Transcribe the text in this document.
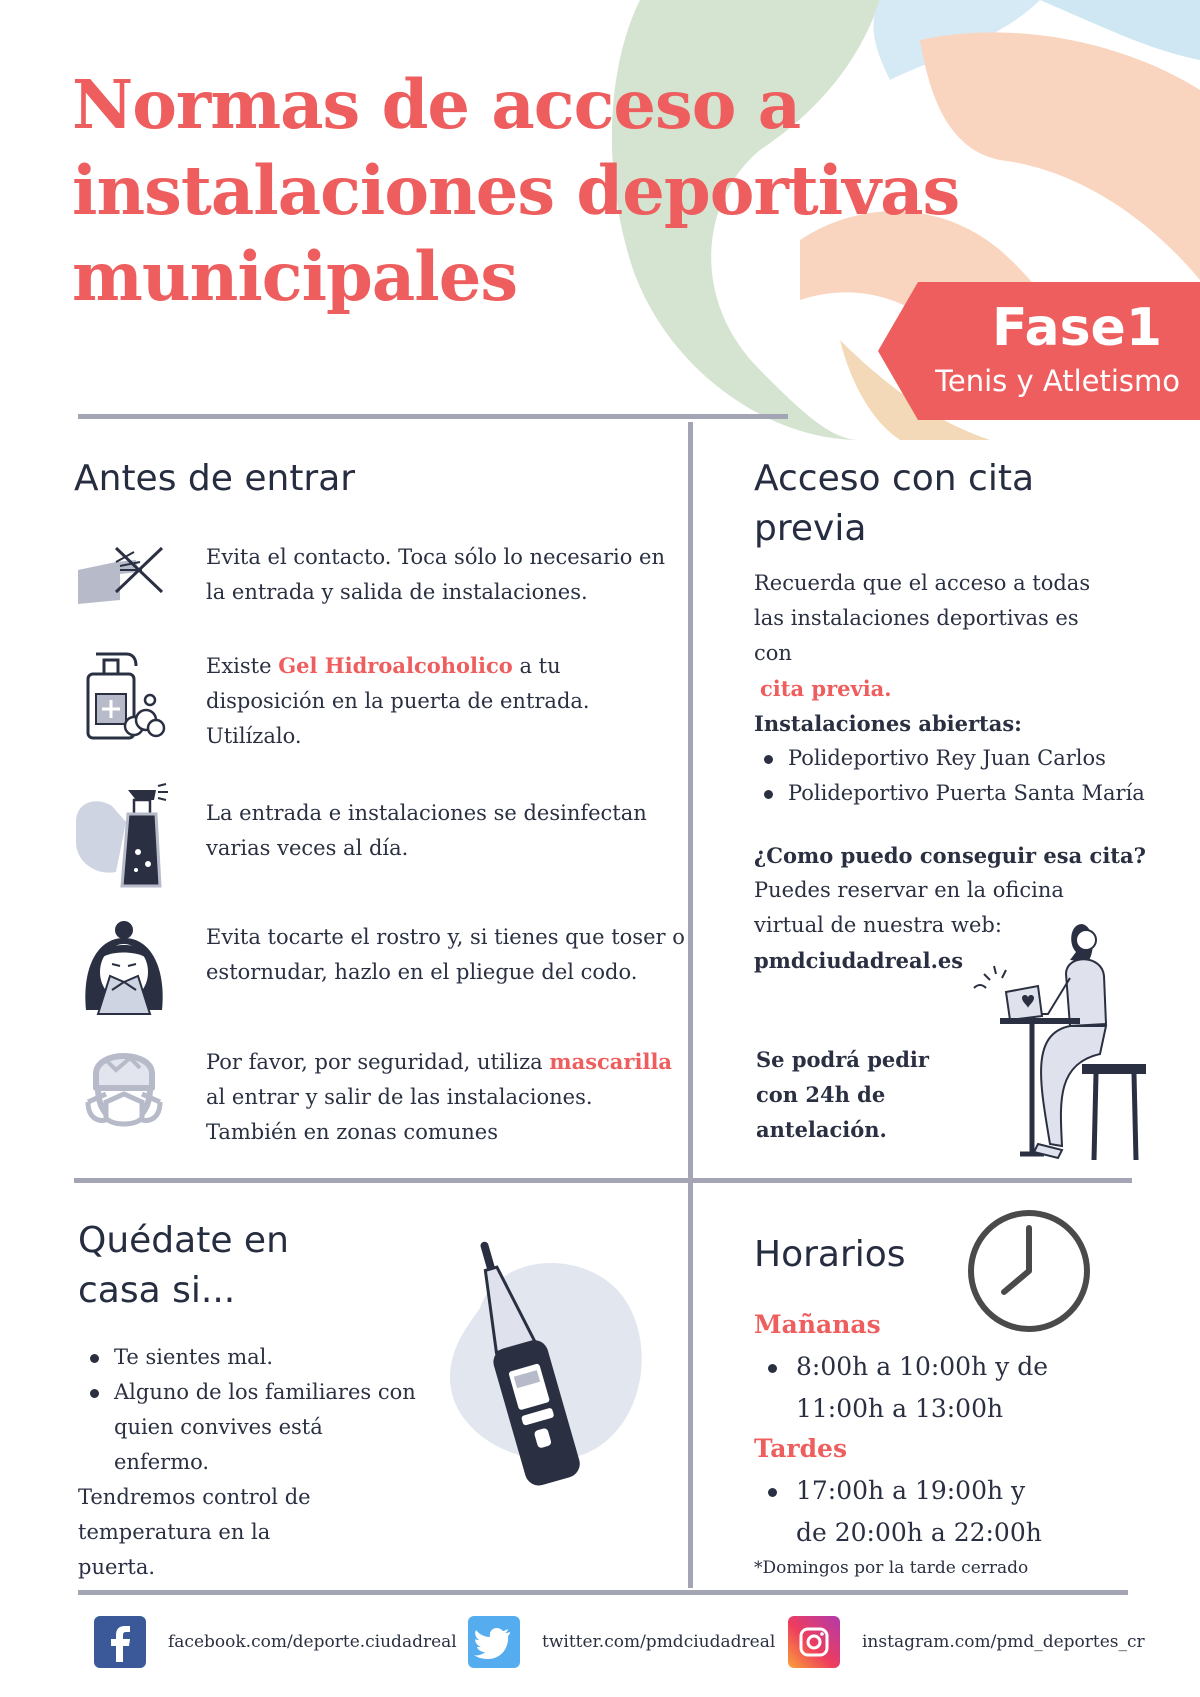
Normas de acceso a
instalaciones deportivas
municipales
Fase1
Tenis y Atletismo
Antes de entrar
Evita el contacto. Toca sólo lo necesario en la entrada y salida de instalaciones.
Existe Gel Hidroalcoholico a tu disposición en la puerta de entrada. Utilízalo.
La entrada e instalaciones se desinfectan varias veces al día.
Evita tocarte el rostro y, si tienes que toser o estornudar, hazlo en el pliegue del codo.
Por favor, por seguridad, utiliza mascarilla al entrar y salir de las instalaciones. También en zonas comunes
Acceso con cita
previa
Recuerda que el acceso a todas las instalaciones deportivas es con
cita previa.
Instalaciones abiertas:
Polideportivo Rey Juan Carlos
Polideportivo Puerta Santa María
¿Como puedo conseguir esa cita?
Puedes reservar en la oficina virtual de nuestra web:
pmdciudadreal.es
Se podrá pedir
con 24h de
antelación.
Quédate en
casa si...
Te sientes mal.
Alguno de los familiares con quien convives está enfermo.
Tendremos control de temperatura en la puerta.
Horarios
Mañanas
8:00h a 10:00h y de 11:00h a 13:00h
Tardes
17:00h a 19:00h y de 20:00h a 22:00h
*Domingos por la tarde cerrado
facebook.com/deporte.ciudadreal	twitter.com/pmdciudadreal	instagram.com/pmd_deportes_cr
